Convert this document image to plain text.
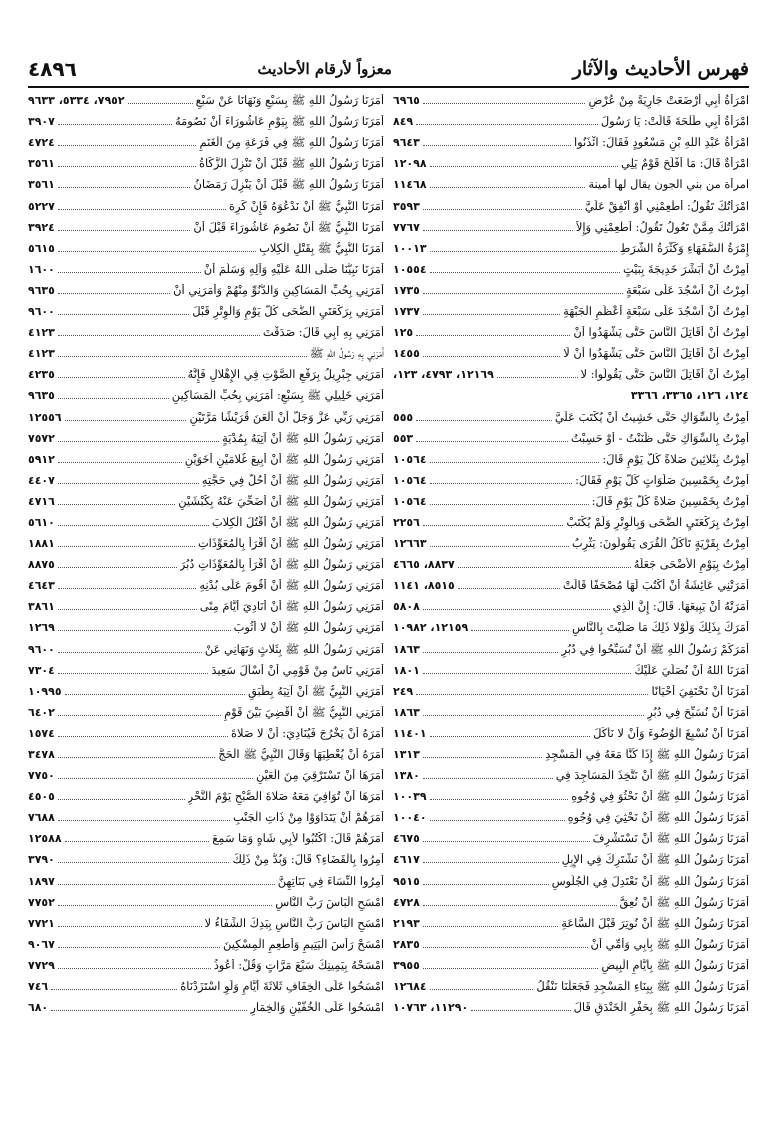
٤٨٩٦	معزواً لأرقام الأحاديث	فهرس الأحاديث والآثار
امْرَأةُ أَبِي أَرْضَعَتْ جَارِيَةً مِنْ عُرْضٍ
٦٩٦٥
امْرَأةُ أَبِي طَلْحَةَ قَالَتْ: يَا رَسُولَ
٨٤٩
امْرَأةُ عَبْدِ اللهِ بْنِ مَسْعُودٍ فَقَالَ: ائْذَنُوا
٩٦٤٣
امْرَأةٌ قَالَ: مَا أَفْلَحَ قَوْمٌ يَلِي
١٢٠٩٨
امرأة من بني الجون يقال لها أمينة
١١٤٦٨
امْرَأَتُكَ تَقُولُ: أَطْعِمْنِي أَوْ أَنْفِقْ عَلَيَّ
٣٥٩٣
امْرَأَتُكَ مِمَّنْ تَعُولُ تَقُولُ: أَطْعِمْنِي وَإِلاَّ
٧٧٦٧
إِمْرَةُ السُّفَهَاءِ وَكَثْرَةُ الشُّرَطِ
١٠٠١٣
أُمِرْتُ أَنْ أُبَشِّرَ خَدِيجَةَ بِبَيْتٍ
١٠٥٥٤
أُمِرْتُ أَنْ أَسْجُدَ عَلَى سَبْعَةٍ
١٧٣٥
أُمِرْتُ أَنْ أَسْجُدَ عَلَى سَبْعَةٍ أَعْظُمٍ الْجَبْهَةِ
١٧٣٧
أُمِرْتُ أَنْ أُقَاتِلَ النَّاسَ حَتَّى يَشْهَدُوا أَنْ
١٢٥
أُمِرْتُ أَنْ أُقَاتِلَ النَّاسَ حَتَّى يَشْهَدُوا أَنْ لَا
١٤٥٥
أُمِرْتُ أَنْ أُقَاتِلَ النَّاسَ حَتَّى يَقُولُوا: لا
١٢١٦٩، ٤٧٩٣، ١٢٣،
١٢٤، ١٢٦، ٣٣٦٥، ٣٣٦٦
أُمِرْتُ بِالسِّوَاكِ حَتَّى خَشِيتُ أَنْ يُكْتَبَ عَلَيَّ
٥٥٥
أُمِرْتُ بِالسِّوَاكِ حَتَّى ظَنَنْتُ - أَوْ حَسِبْتُ
٥٥٣
أُمِرْتُ بِثَلاثِينَ صَلاةً كُلَّ يَوْمٍ قَالَ:
١٠٥٦٤
أُمِرْتُ بِخَمْسِينَ صَلَوَاتٍ كُلَّ يَوْمٍ فَقَالَ:
١٠٥٦٤
أُمِرْتُ بِخَمْسِينَ صَلاةً كُلَّ يَوْمٍ قَالَ:
١٠٥٦٤
أُمِرْتُ بِرَكْعَتَيِ الضُّحَى وَبِالْوِتْرِ وَلَمْ يُكْتَبْ
٢٢٥٦
أُمِرْتُ بِقَرْيَةٍ تَأْكُلُ الْقُرَى يَقُولُونَ: يَثْرِبُ
١٢٦٦٣
أُمِرْتُ بِيَوْمِ الأَضْحَى جَعَلَهُ
٨٨٣٧، ٤٦٦٥
أَمَرَتْنِي عَائِشَةُ أَنْ أَكْتُبَ لَهَا مُصْحَفًا قَالَتْ
٨٥١٥، ١١٤١
أَمَرَتْهُ أَنْ يَبِيعَهَا. قَالَ: إِنَّ الَّذِي
٥٨٠٨
أَمَرَكَ بِذَلِكَ وَلَوْلا ذَلِكَ مَا صَلَّيْتَ بِالنَّاسِ
١٢١٥٩، ١٠٩٨٢
أَمَرَكُمْ رَسُولُ اللهِ ﷺ أَنْ تُسَبِّحُوا فِي دُبُرِ
١٨٦٣
أَمَرَنَا اللهُ أَنْ نُصَلِّيَ عَلَيْكَ
١٨٠١
أَمَرَنَا أَنْ نَحْتَفِيَ أَحْيَانًا
٢٤٩
أَمَرَنَا أَنْ نُسَبِّحَ فِي دُبُرِ
١٨٦٣
أَمَرَنَا أَنْ نُسْبِغَ الْوُضُوءَ وَأَنْ لا نَأْكُلَ
١١٤٠١
أَمَرَنَا رَسُولُ اللهِ ﷺ إِذَا كُنَّا مَعَهُ فِي الْمَسْجِدِ
١٣١٣
أَمَرَنَا رَسُولُ اللهِ ﷺ أَنْ نَتَّخِذَ الْمَسَاجِدَ فِي
١٣٨٠
أَمَرَنَا رَسُولُ اللهِ ﷺ أَنْ نَحْثُوَ فِي وُجُوهِ
١٠٠٣٩
أَمَرَنَا رَسُولُ اللهِ ﷺ أَنْ نَحْثِيَ فِي وُجُوهِ
١٠٠٤٠
أَمَرَنَا رَسُولُ اللهِ ﷺ أَنْ نَسْتَشْرِفَ
٤٦٧٥
أَمَرَنَا رَسُولُ اللهِ ﷺ أَنْ نَشْتَرِكَ فِي الإِبِلِ
٤٦١٧
أَمَرَنَا رَسُولُ اللهِ ﷺ أَنْ نَعْتَدِلَ فِي الْجُلُوسِ
٩٥١٥
أَمَرَنَا رَسُولُ اللهِ ﷺ أَنْ نُعِقَّ
٤٧٢٨
أَمَرَنَا رَسُولُ اللهِ ﷺ أَنْ نُوتِرَ قَبْلَ السَّاعَةِ
٢١٩٣
أَمَرَنَا رَسُولُ اللهِ ﷺ بِأَبِي وَأُمِّي أَنْ
٢٨٣٥
أَمَرَنَا رَسُولُ اللهِ ﷺ بِأَيَّامِ الْبِيضِ
٣٩٥٥
أَمَرَنَا رَسُولُ اللهِ ﷺ بِبِنَاءِ الْمَسْجِدِ فَجَعَلْنَا نَنْقُلُ
١٢٦٨٤
أَمَرَنَا رَسُولُ اللهِ ﷺ بِحَفْرِ الْخَنْدَقِ قَالَ
١١٢٩٠، ١٠٧٦٣
أَمَرَنَا رَسُولُ اللهِ ﷺ بِسَبْعٍ وَنَهَانَا عَنْ سَبْعٍ
٧٩٥٢، ٥٣٣٤، ٩٦٣٣
أَمَرَنَا رَسُولُ اللهِ ﷺ بِيَوْمِ عَاشُورَاءَ أَنْ نَصُومَهُ
٣٩٠٧
أَمَرَنَا رَسُولُ اللهِ ﷺ فِي فَرَعَةِ مِنَ الْغَنَمِ
٤٧٢٤
أَمَرَنَا رَسُولُ اللهِ ﷺ قَبْلَ أَنْ تَنْزِلَ الزَّكَاةُ
٣٥٦١
أَمَرَنَا رَسُولُ اللهِ ﷺ قَبْلَ أَنْ يَنْزِلَ رَمَضَانُ
٣٥٦١
أَمَرَنَا النَّبِيُّ ﷺ أَنْ نَدْعُوَهُ فَإِنْ كَرِهَ
٥٢٢٧
أَمَرَنَا النَّبِيُّ ﷺ أَنْ نَصُومَ عَاشُورَاءَ قَبْلَ أَنْ
٣٩٢٤
أَمَرَنَا النَّبِيُّ ﷺ بِقَتْلِ الْكِلابِ
٥٦١٥
أَمَرَنَا نَبِيُّنَا صَلَّى اللهُ عَلَيْهِ وَآلِهِ وَسَلَّمَ أَنْ
١٦٠٠
أَمَرَنِي بِحُبِّ الْمَسَاكِينِ وَالدُّنُوِّ مِنْهُمْ وَأَمَرَنِي أَنْ
٩٦٣٥
أَمَرَنِي بِرَكْعَتَيِ الضُّحَى كُلَّ يَوْمٍ وَالْوِتْرِ قَبْلَ
٩٦٠٠
أَمَرَنِي بِهِ أَبِي قَالَ: صَدَقْتَ
٤١٢٣
أَمَرَنِي بِهِ رَسُولُ اللهِ ﷺ
٤١٢٣
أَمَرَنِي جِبْرِيلُ بِرَفْعِ الصَّوْتِ فِي الإِهْلالِ فَإِنَّهُ
٤٢٣٥
أَمَرَنِي خَلِيلِي ﷺ بِسَبْعٍ: أَمَرَنِي بِحُبِّ الْمَسَاكِينِ
٩٦٣٥
أَمَرَنِي رَبِّي عَزَّ وَجَلَّ أَنْ أَلْعَنَ قُرَيْشًا مَرَّتَيْنِ
١٢٥٥٦
أَمَرَنِي رَسُولُ اللهِ ﷺ أَنْ آتِيَهُ بِمُدْيَةٍ
٧٥٧٢
أَمَرَنِي رَسُولُ اللهِ ﷺ أَنْ أَبِيعَ غُلامَيْنِ أَخَوَيْنِ
٥٩١٢
أَمَرَنِي رَسُولُ اللهِ ﷺ أَنْ أَحُلَّ فِي حَجَّتِهِ
٤٤٠٧
أَمَرَنِي رَسُولُ اللهِ ﷺ أَنْ أُضَحِّيَ عَنْهُ بِكَبْشَيْنِ
٤٧١٦
أَمَرَنِي رَسُولُ اللهِ ﷺ أَنْ أَقْتُلَ الْكِلابَ
٥٦١٠
أَمَرَنِي رَسُولُ اللهِ ﷺ أَنْ أَقْرَأَ بِالْمُعَوِّذَاتِ
١٨٨١
أَمَرَنِي رَسُولُ اللهِ ﷺ أَنْ أَقْرَأَ بِالْمُعَوِّذَاتِ دُبُرَ
٨٨٧٥
أَمَرَنِي رَسُولُ اللهِ ﷺ أَنْ أَقُومَ عَلَى بُدْنِهِ
٤٦٤٣
أَمَرَنِي رَسُولُ اللهِ ﷺ أَنْ أُنَادِيَ أَيَّامَ مِنًى
٣٨٦١
أَمَرَنِي رَسُولُ اللهِ ﷺ أَنْ لا أَثُوبَ
١٢٦٩
أَمَرَنِي رَسُولُ اللهِ ﷺ بِثَلاثٍ وَنَهَانِي عَنْ
٩٦٠٠
أَمَرَنِي نَاسٌ مِنْ قَوْمِي أَنْ أَسْأَلَ سَعِيدَ
٧٣٠٤
أَمَرَنِي النَّبِيُّ ﷺ أَنْ آتِيَهُ بِطَبَقٍ
١٠٩٩٥
أَمَرَنِي النَّبِيُّ ﷺ أَنْ أَقْضِيَ بَيْنَ قَوْمٍ
٦٤٠٢
أَمَرَهُ أَنْ يَخْرُجَ فَيُنَادِيَ: أَنْ لا صَلاةَ
١٥٧٤
أَمَرَهُ أَنْ يُعْطِيَهَا وَقَالَ النَّبِيُّ ﷺ الْحَجَّ
٣٤٧٨
أَمَرَهَا أَنْ تَسْتَرْقِيَ مِنَ الْعَيْنِ
٧٧٥٠
أَمَرَهَا أَنْ تُوَافِيَ مَعَهُ صَلاةَ الصُّبْحِ يَوْمَ النَّحْرِ
٤٥٠٥
أَمَرَهُمْ أَنْ يَتَدَاوَوْا مِنْ ذَاتِ الْجَنْبِ
٧٦٨٨
أَمَرَهُمْ قَالَ: اكْتُبُوا لأَبِي شَاهٍ وَمَا سَمِعَ
١٢٥٨٨
أُمِرُوا بِالْقَضَاءِ؟ قَالَ: وَبُدٌّ مِنْ ذَلِكَ
٣٧٩٠
أُمِرُوا النِّسَاءَ فِي بَنَاتِهِنَّ
١٨٩٧
امْسَحِ الْبَاسَ رَبَّ النَّاسِ
٧٧٥٢
امْسَحِ الْبَاسَ رَبَّ النَّاسِ بِيَدِكَ الشِّفَاءُ لا
٧٧٢١
امْسَحْ رَأْسَ الْيَتِيمِ وَأَطْعِمِ الْمِسْكِينَ
٩٠٦٧
امْسَحْهُ بِيَمِينِكَ سَبْعَ مَرَّاتٍ وَقُلْ: أَعُوذُ
٧٧٢٩
امْسَحُوا عَلَى الْخِفَافِ ثَلاثَةَ أَيَّامٍ وَلَوِ اسْتَزَدْنَاهُ
٧٤٦
امْسَحُوا عَلَى الْخُفَّيْنِ وَالْخِمَارِ
٦٨٠
